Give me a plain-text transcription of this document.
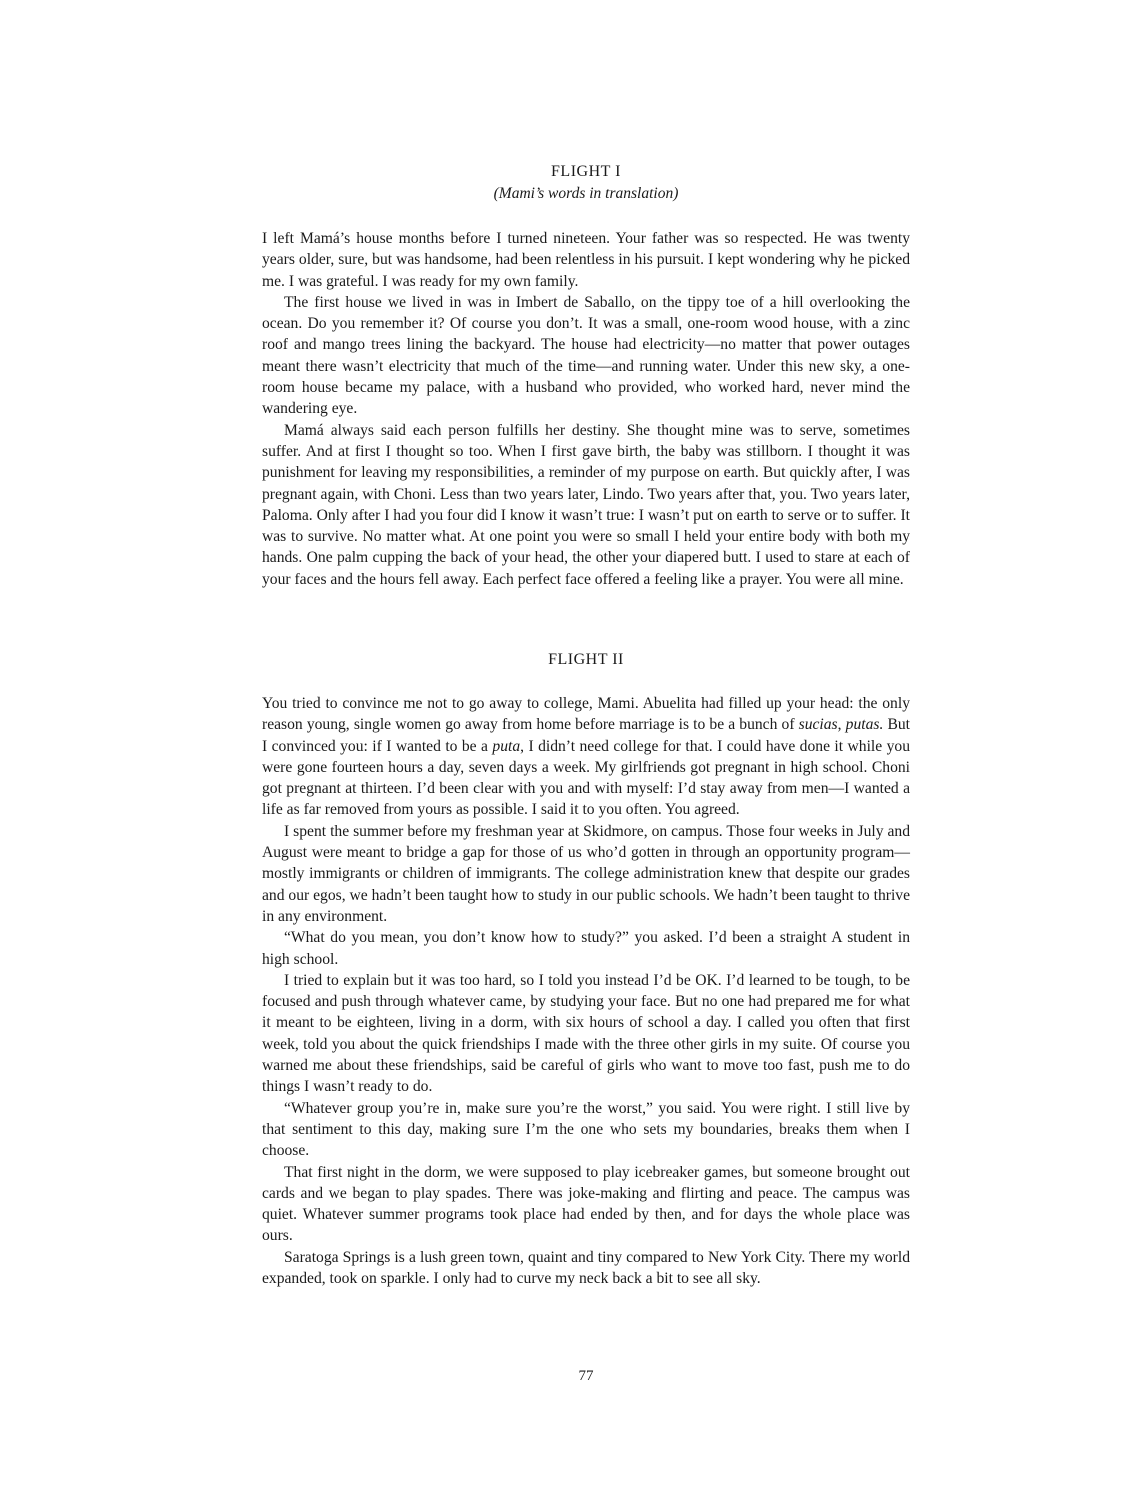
FLIGHT I
(Mami’s words in translation)

I left Mamá’s house months before I turned nineteen. Your father was so respected. He was twenty years older, sure, but was handsome, had been relentless in his pursuit. I kept wondering why he picked me. I was grateful. I was ready for my own family.

The first house we lived in was in Imbert de Saballo, on the tippy toe of a hill overlooking the ocean. Do you remember it? Of course you don’t. It was a small, one-room wood house, with a zinc roof and mango trees lining the backyard. The house had electricity—no matter that power outages meant there wasn’t electricity that much of the time—and running water. Under this new sky, a one-room house became my palace, with a husband who provided, who worked hard, never mind the wandering eye.

Mamá always said each person fulfills her destiny. She thought mine was to serve, sometimes suffer. And at first I thought so too. When I first gave birth, the baby was stillborn. I thought it was punishment for leaving my responsibilities, a reminder of my purpose on earth. But quickly after, I was pregnant again, with Choni. Less than two years later, Lindo. Two years after that, you. Two years later, Paloma. Only after I had you four did I know it wasn’t true: I wasn’t put on earth to serve or to suffer. It was to survive. No matter what. At one point you were so small I held your entire body with both my hands. One palm cupping the back of your head, the other your diapered butt. I used to stare at each of your faces and the hours fell away. Each perfect face offered a feeling like a prayer. You were all mine.

FLIGHT II

You tried to convince me not to go away to college, Mami. Abuelita had filled up your head: the only reason young, single women go away from home before marriage is to be a bunch of sucias, putas. But I convinced you: if I wanted to be a puta, I didn’t need college for that. I could have done it while you were gone fourteen hours a day, seven days a week. My girlfriends got pregnant in high school. Choni got pregnant at thirteen. I’d been clear with you and with myself: I’d stay away from men—I wanted a life as far removed from yours as possible. I said it to you often. You agreed.

I spent the summer before my freshman year at Skidmore, on campus. Those four weeks in July and August were meant to bridge a gap for those of us who’d gotten in through an opportunity program—mostly immigrants or children of immigrants. The college administration knew that despite our grades and our egos, we hadn’t been taught how to study in our public schools. We hadn’t been taught to thrive in any environment.

“What do you mean, you don’t know how to study?” you asked. I’d been a straight A student in high school.

I tried to explain but it was too hard, so I told you instead I’d be OK. I’d learned to be tough, to be focused and push through whatever came, by studying your face. But no one had prepared me for what it meant to be eighteen, living in a dorm, with six hours of school a day. I called you often that first week, told you about the quick friendships I made with the three other girls in my suite. Of course you warned me about these friendships, said be careful of girls who want to move too fast, push me to do things I wasn’t ready to do.

“Whatever group you’re in, make sure you’re the worst,” you said. You were right. I still live by that sentiment to this day, making sure I’m the one who sets my boundaries, breaks them when I choose.

That first night in the dorm, we were supposed to play icebreaker games, but someone brought out cards and we began to play spades. There was joke-making and flirting and peace. The campus was quiet. Whatever summer programs took place had ended by then, and for days the whole place was ours.

Saratoga Springs is a lush green town, quaint and tiny compared to New York City. There my world expanded, took on sparkle. I only had to curve my neck back a bit to see all sky.

77
